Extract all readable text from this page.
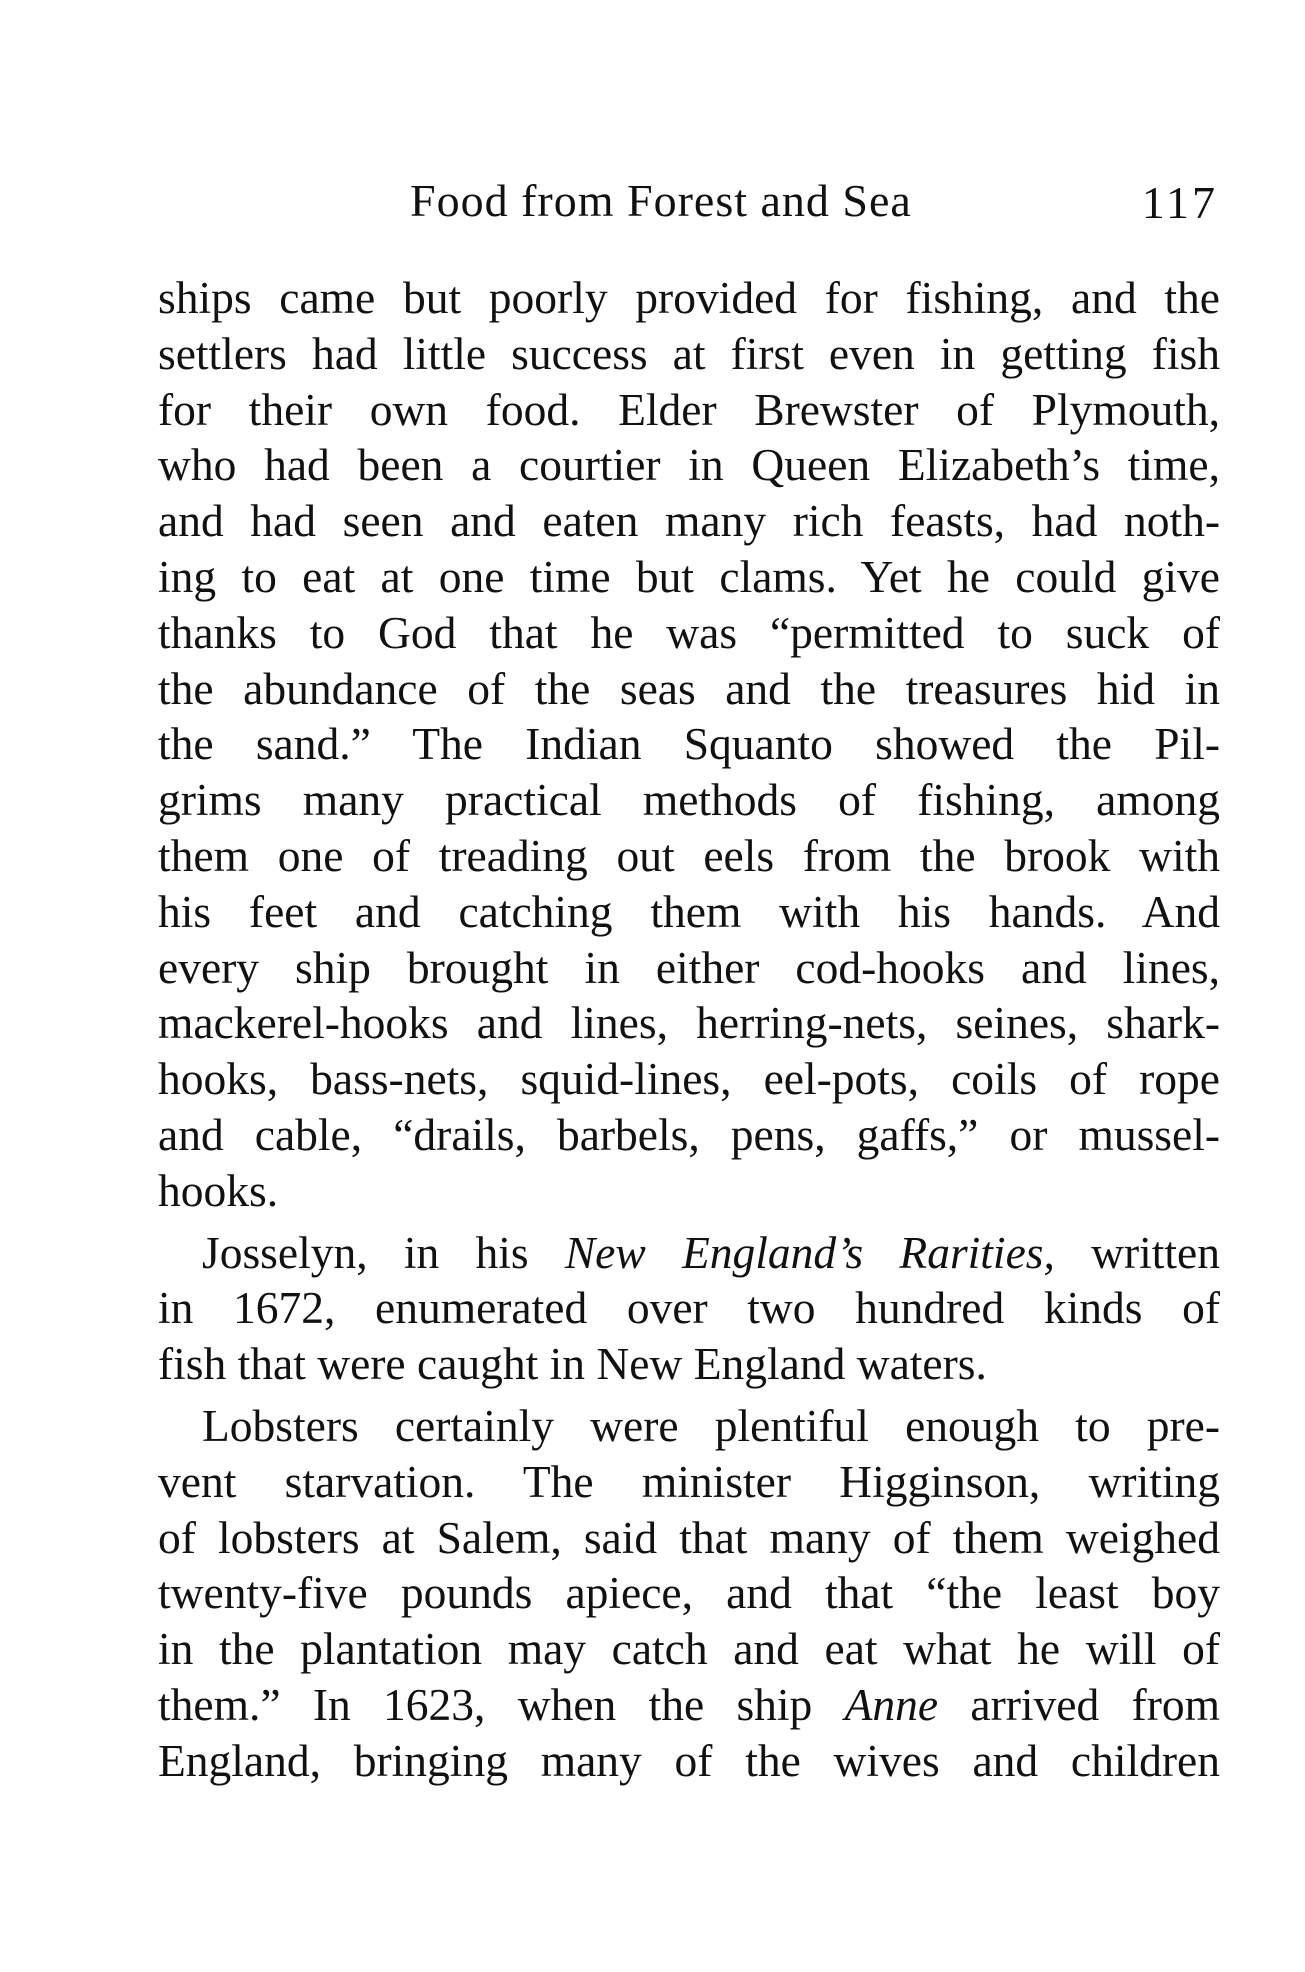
Food from Forest and Sea	117
ships came but poorly provided for fishing, and the
settlers had little success at first even in getting fish
for their own food. Elder Brewster of Plymouth,
who had been a courtier in Queen Elizabeth’s time,
and had seen and eaten many rich feasts, had noth-
ing to eat at one time but clams. Yet he could give
thanks to God that he was “permitted to suck of
the abundance of the seas and the treasures hid in
the sand.” The Indian Squanto showed the Pil-
grims many practical methods of fishing, among
them one of treading out eels from the brook with
his feet and catching them with his hands. And
every ship brought in either cod-hooks and lines,
mackerel-hooks and lines, herring-nets, seines, shark-
hooks, bass-nets, squid-lines, eel-pots, coils of rope
and cable, “drails, barbels, pens, gaffs,” or mussel-
hooks.
Josselyn, in his New England’s Rarities, written
in 1672, enumerated over two hundred kinds of
fish that were caught in New England waters.
Lobsters certainly were plentiful enough to pre-
vent starvation. The minister Higginson, writing
of lobsters at Salem, said that many of them weighed
twenty-five pounds apiece, and that “the least boy
in the plantation may catch and eat what he will of
them.” In 1623, when the ship Anne arrived from
England, bringing many of the wives and children
